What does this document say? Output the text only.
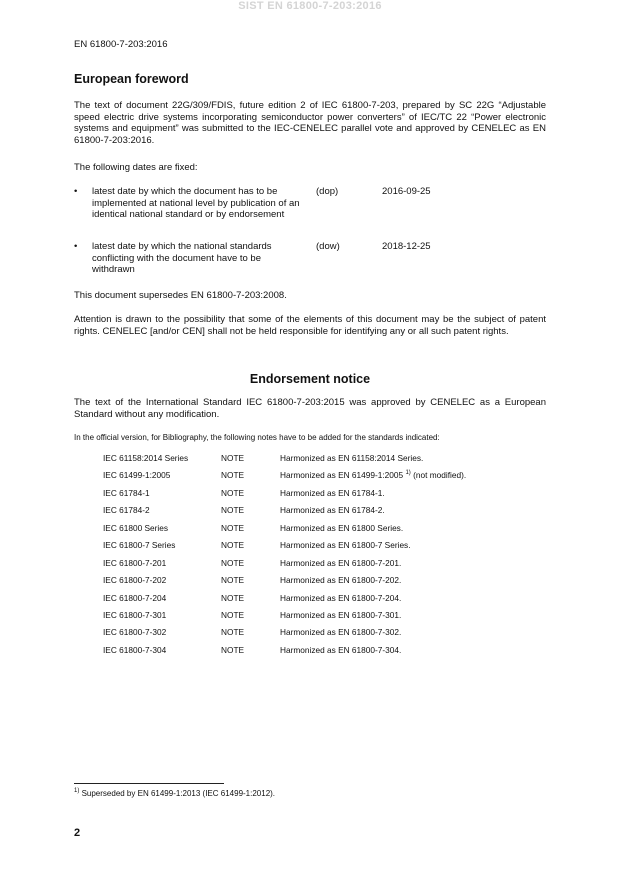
SIST EN 61800-7-203:2016
EN 61800-7-203:2016
European foreword

The text of document 22G/309/FDIS, future edition 2 of IEC 61800-7-203, prepared by SC 22G “Adjustable speed electric drive systems incorporating semiconductor power converters” of IEC/TC 22 “Power electronic systems and equipment” was submitted to the IEC-CENELEC parallel vote and approved by CENELEC as EN 61800-7-203:2016.

The following dates are fixed:

• latest date by which the document has to be implemented at national level by publication of an identical national standard or by endorsement
(dop)	2016-09-25
• latest date by which the national standards conflicting with the document have to be withdrawn
(dow)	2018-12-25

This document supersedes EN 61800-7-203:2008.

Attention is drawn to the possibility that some of the elements of this document may be the subject of patent rights. CENELEC [and/or CEN] shall not be held responsible for identifying any or all such patent rights.

Endorsement notice

The text of the International Standard IEC 61800-7-203:2015 was approved by CENELEC as a European Standard without any modification.

In the official version, for Bibliography, the following notes have to be added for the standards indicated:

IEC 61158:2014 Series	NOTE	Harmonized as EN 61158:2014 Series.
IEC 61499-1:2005	NOTE	Harmonized as EN 61499-1:2005 $^{1)}$ (not modified).
IEC 61784-1	NOTE	Harmonized as EN 61784-1.
IEC 61784-2	NOTE	Harmonized as EN 61784-2.
IEC 61800 Series	NOTE	Harmonized as EN 61800 Series.
IEC 61800-7 Series	NOTE	Harmonized as EN 61800-7 Series.
IEC 61800-7-201	NOTE	Harmonized as EN 61800-7-201.
IEC 61800-7-202	NOTE	Harmonized as EN 61800-7-202.
IEC 61800-7-204	NOTE	Harmonized as EN 61800-7-204.
IEC 61800-7-301	NOTE	Harmonized as EN 61800-7-301.
IEC 61800-7-302	NOTE	Harmonized as EN 61800-7-302.
IEC 61800-7-304	NOTE	Harmonized as EN 61800-7-304.
$^{1)}$ Superseded by EN 61499-1:2013 (IEC 61499-1:2012).
2
